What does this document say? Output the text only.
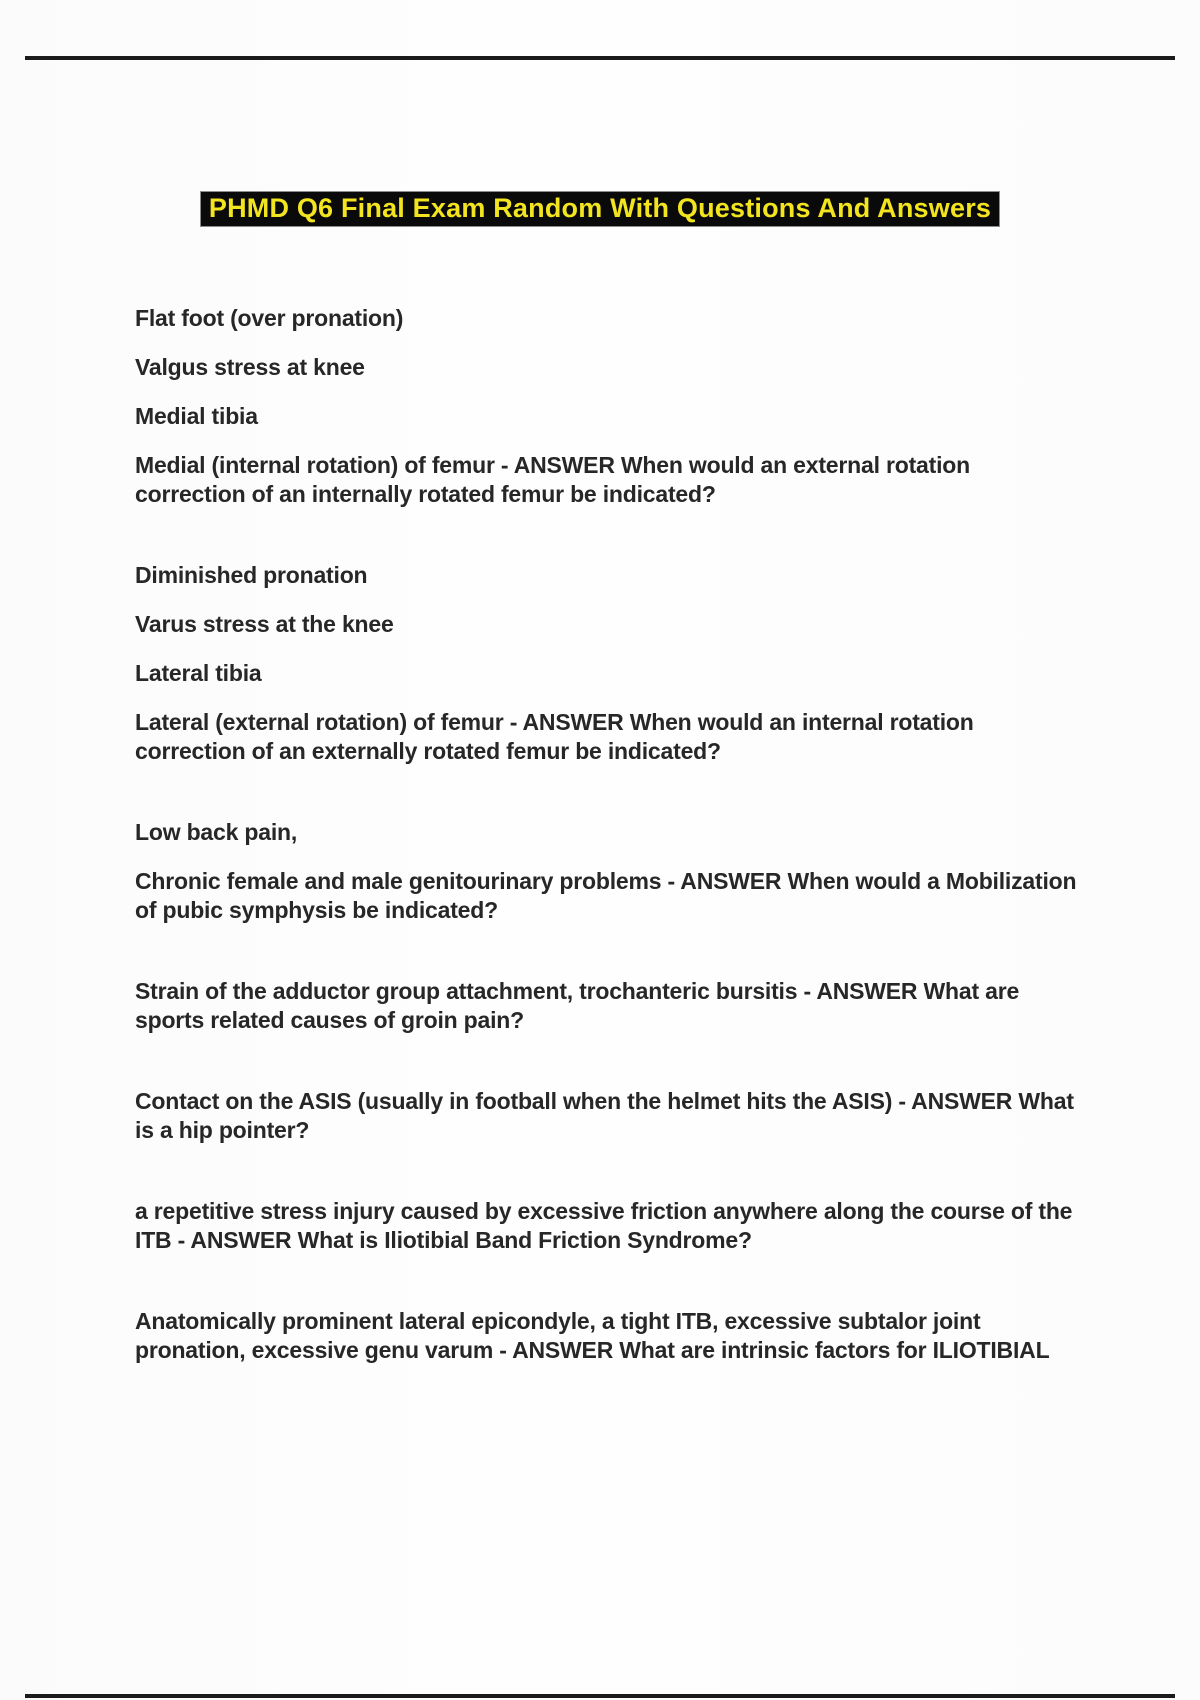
PHMD Q6 Final Exam Random With Questions And Answers
Flat foot (over pronation)
Valgus stress at knee
Medial tibia
Medial (internal rotation) of femur - ANSWER When would an external rotation
correction of an internally rotated femur be indicated?
Diminished pronation
Varus stress at the knee
Lateral tibia
Lateral (external rotation) of femur - ANSWER When would an internal rotation
correction of an externally rotated femur be indicated?
Low back pain,
Chronic female and male genitourinary problems - ANSWER When would a Mobilization
of pubic symphysis be indicated?
Strain of the adductor group attachment, trochanteric bursitis - ANSWER What are
sports related causes of groin pain?
Contact on the ASIS (usually in football when the helmet hits the ASIS) - ANSWER What
is a hip pointer?
a repetitive stress injury caused by excessive friction anywhere along the course of the
ITB - ANSWER What is Iliotibial Band Friction Syndrome?
Anatomically prominent lateral epicondyle, a tight ITB, excessive subtalor joint
pronation, excessive genu varum - ANSWER What are intrinsic factors for ILIOTIBIAL
